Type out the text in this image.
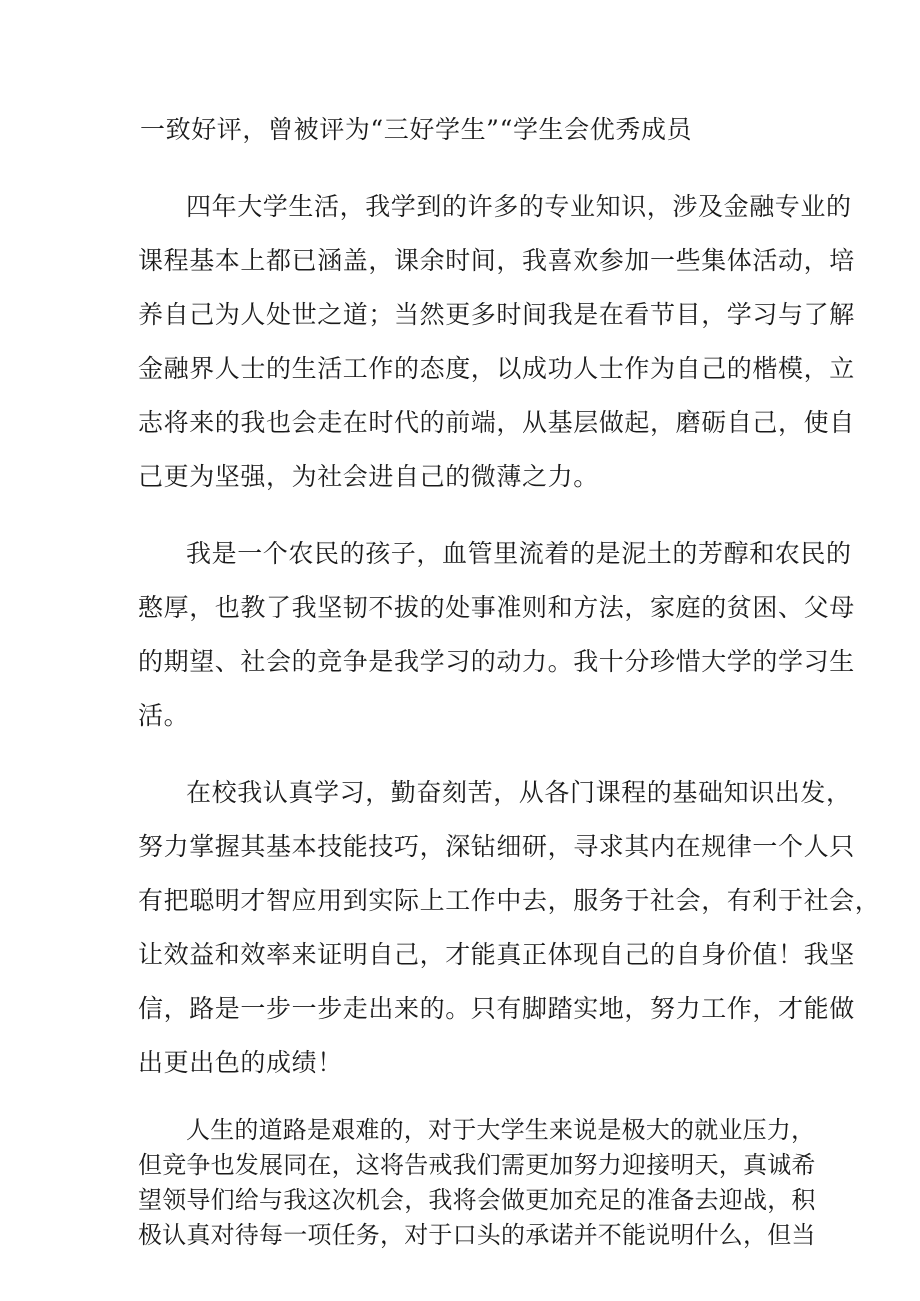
一致好评，曾被评为“三好学生”“学生会优秀成员
四年大学生活，我学到的许多的专业知识，涉及金融专业的
课程基本上都已涵盖，课余时间，我喜欢参加一些集体活动，培
养自己为人处世之道；当然更多时间我是在看节目，学习与了解
金融界人士的生活工作的态度，以成功人士作为自己的楷模，立
志将来的我也会走在时代的前端，从基层做起，磨砺自己，使自
己更为坚强，为社会进自己的微薄之力。
我是一个农民的孩子，血管里流着的是泥土的芳醇和农民的
憨厚，也教了我坚韧不拔的处事准则和方法，家庭的贫困、父母
的期望、社会的竞争是我学习的动力。我十分珍惜大学的学习生
活。
在校我认真学习，勤奋刻苦，从各门课程的基础知识出发，
努力掌握其基本技能技巧，深钻细研，寻求其内在规律一个人只
有把聪明才智应用到实际上工作中去，服务于社会，有利于社会，
让效益和效率来证明自己，才能真正体现自己的自身价值！我坚
信，路是一步一步走出来的。只有脚踏实地，努力工作，才能做
出更出色的成绩！
人生的道路是艰难的，对于大学生来说是极大的就业压力，
但竞争也发展同在，这将告戒我们需更加努力迎接明天，真诚希
望领导们给与我这次机会，我将会做更加充足的准备去迎战，积
极认真对待每一项任务，对于口头的承诺并不能说明什么，但当
